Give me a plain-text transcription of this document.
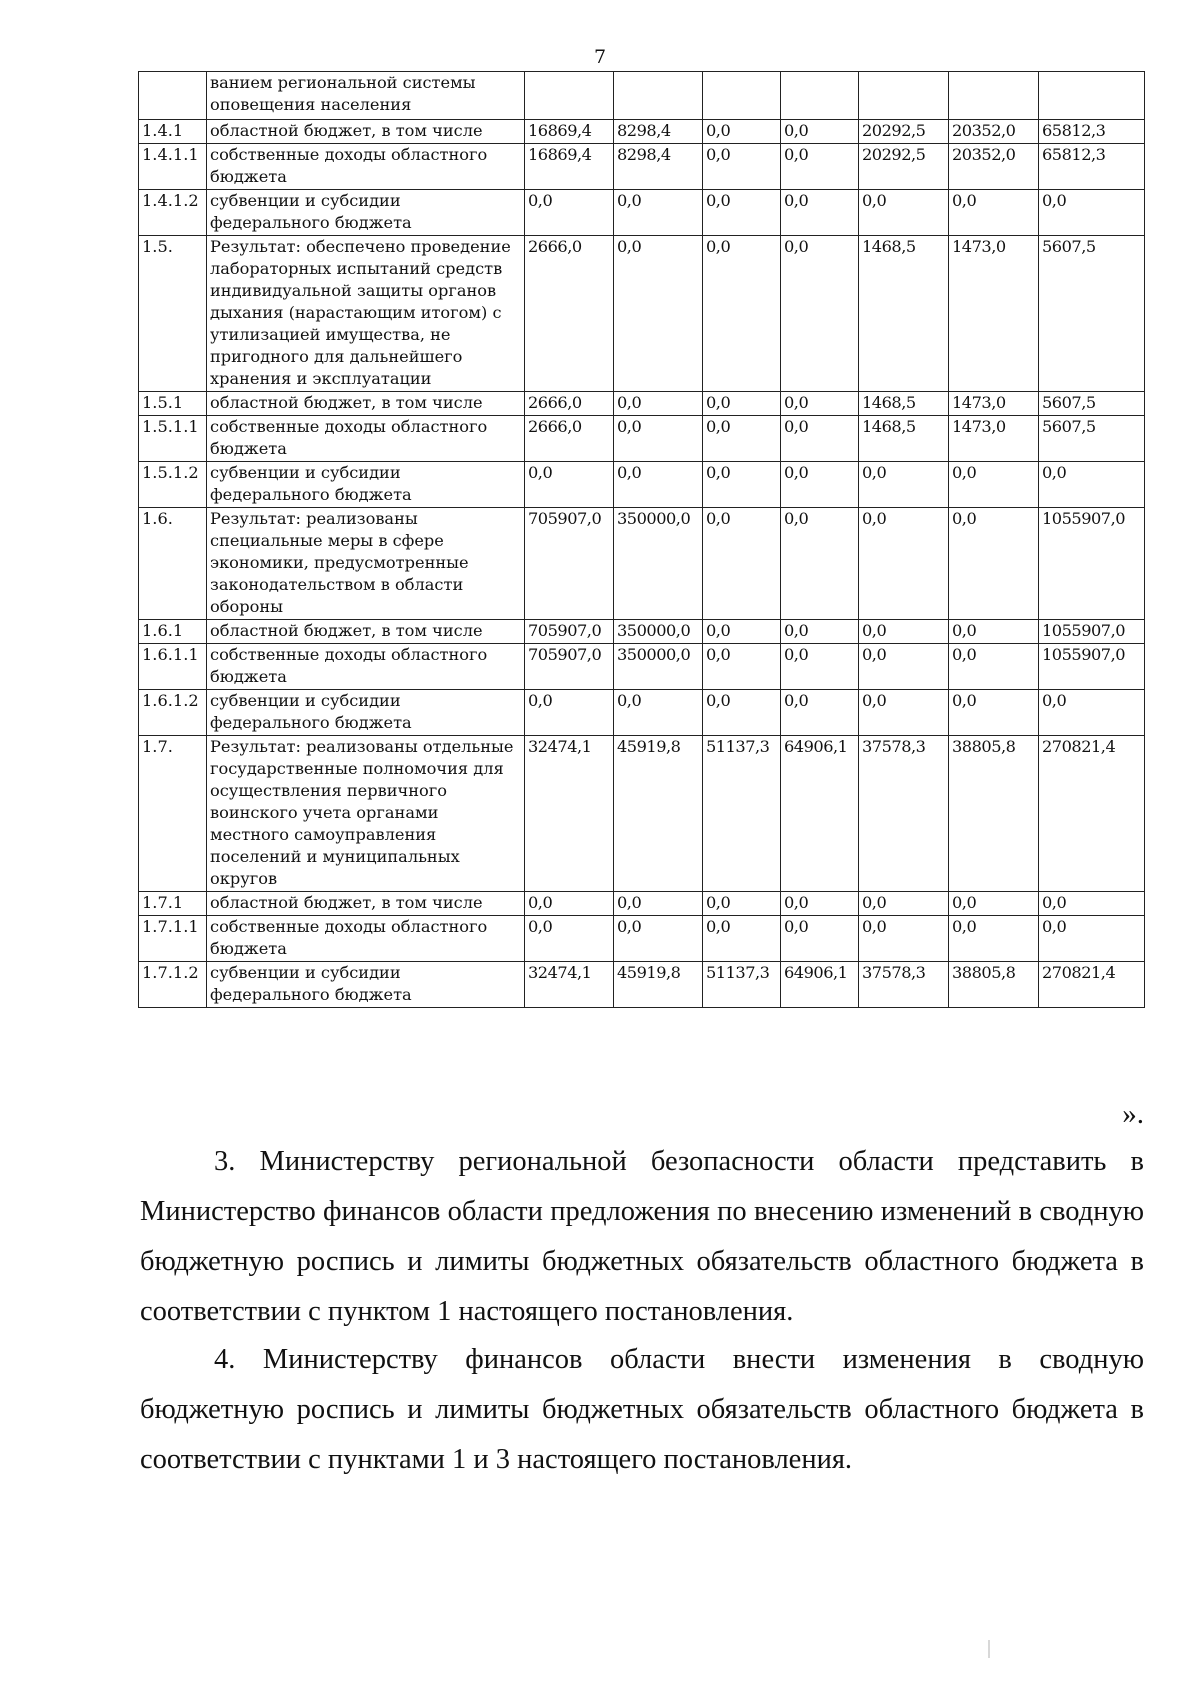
7
	ванием региональной системы оповещения населения							
1.4.1	областной бюджет, в том числе	16869,4	8298,4	0,0	0,0	20292,5	20352,0	65812,3
1.4.1.1	собственные доходы областного бюджета	16869,4	8298,4	0,0	0,0	20292,5	20352,0	65812,3
1.4.1.2	субвенции и субсидии федерального бюджета	0,0	0,0	0,0	0,0	0,0	0,0	0,0
1.5.	Результат: обеспечено проведение лабораторных испытаний средств индивидуальной защиты органов дыхания (нарастающим итогом) с утилизацией имущества, не пригодного для дальнейшего хранения и эксплуатации	2666,0	0,0	0,0	0,0	1468,5	1473,0	5607,5
1.5.1	областной бюджет, в том числе	2666,0	0,0	0,0	0,0	1468,5	1473,0	5607,5
1.5.1.1	собственные доходы областного бюджета	2666,0	0,0	0,0	0,0	1468,5	1473,0	5607,5
1.5.1.2	субвенции и субсидии федерального бюджета	0,0	0,0	0,0	0,0	0,0	0,0	0,0
1.6.	Результат: реализованы специальные меры в сфере экономики, предусмотренные законодательством в области обороны	705907,0	350000,0	0,0	0,0	0,0	0,0	1055907,0
1.6.1	областной бюджет, в том числе	705907,0	350000,0	0,0	0,0	0,0	0,0	1055907,0
1.6.1.1	собственные доходы областного бюджета	705907,0	350000,0	0,0	0,0	0,0	0,0	1055907,0
1.6.1.2	субвенции и субсидии федерального бюджета	0,0	0,0	0,0	0,0	0,0	0,0	0,0
1.7.	Результат: реализованы отдельные государственные полномочия для осуществления первичного воинского учета органами местного самоуправления поселений и муниципальных округов	32474,1	45919,8	51137,3	64906,1	37578,3	38805,8	270821,4
1.7.1	областной бюджет, в том числе	0,0	0,0	0,0	0,0	0,0	0,0	0,0
1.7.1.1	собственные доходы областного бюджета	0,0	0,0	0,0	0,0	0,0	0,0	0,0
1.7.1.2	субвенции и субсидии федерального бюджета	32474,1	45919,8	51137,3	64906,1	37578,3	38805,8	270821,4
».

3. Министерству региональной безопасности области представить в Министерство финансов области предложения по внесению изменений в сводную бюджетную роспись и лимиты бюджетных обязательств областного бюджета в соответствии с пунктом 1 настоящего постановления.

4. Министерству финансов области внести изменения в сводную бюджетную роспись и лимиты бюджетных обязательств областного бюджета в соответствии с пунктами 1 и 3 настоящего постановления.
